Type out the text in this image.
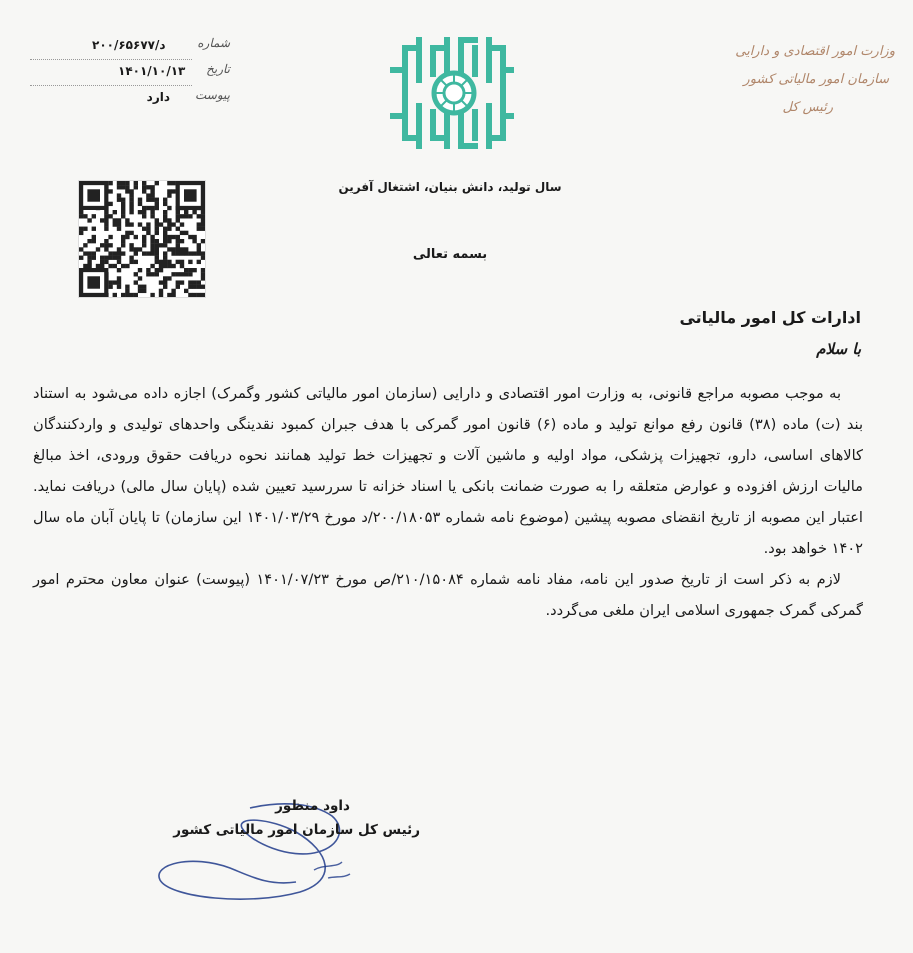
وزارت امور اقتصادی و دارایی
سازمان امور مالیاتی کشور
رئیس کل
سال تولید، دانش بنیان، اشتغال آفرین
بسمه تعالی
شماره
۲۰۰/۶۵۶۷۷/د
تاریخ
۱۴۰۱/۱۰/۱۳
پیوست
دارد
ادارات کل امور مالیاتی
با سلام

به موجب مصوبه مراجع قانونی، به وزارت امور اقتصادی و دارایی (سازمان امور مالیاتی کشور وگمرک) اجازه داده می‌شود به استناد بند (ت) ماده (۳۸) قانون رفع موانع تولید و ماده (۶) قانون امور گمرکی با هدف جبران کمبود نقدینگی واحدهای تولیدی و واردکنندگان کالاهای اساسی، دارو، تجهیزات پزشکی، مواد اولیه و ماشین آلات و تجهیزات خط تولید همانند نحوه دریافت حقوق ورودی، اخذ مبالغ مالیات ارزش افزوده و عوارض متعلقه را به صورت ضمانت بانکی یا اسناد خزانه تا سررسید تعیین شده (پایان سال مالی) دریافت نماید. اعتبار این مصوبه از تاریخ انقضای مصوبه پیشین (موضوع نامه شماره ۲۰۰/۱۸۰۵۳/د مورخ ۱۴۰۱/۰۳/۲۹ این سازمان) تا پایان آبان ماه سال ۱۴۰۲ خواهد بود.

لازم به ذکر است از تاریخ صدور این نامه، مفاد نامه شماره ۲۱۰/۱۵۰۸۴/ص مورخ ۱۴۰۱/۰۷/۲۳ (پیوست) عنوان معاون محترم امور گمرکی گمرک جمهوری اسلامی ایران ملغی می‌گردد.

داود منظور
رئیس کل سازمان امور مالیاتی کشور
